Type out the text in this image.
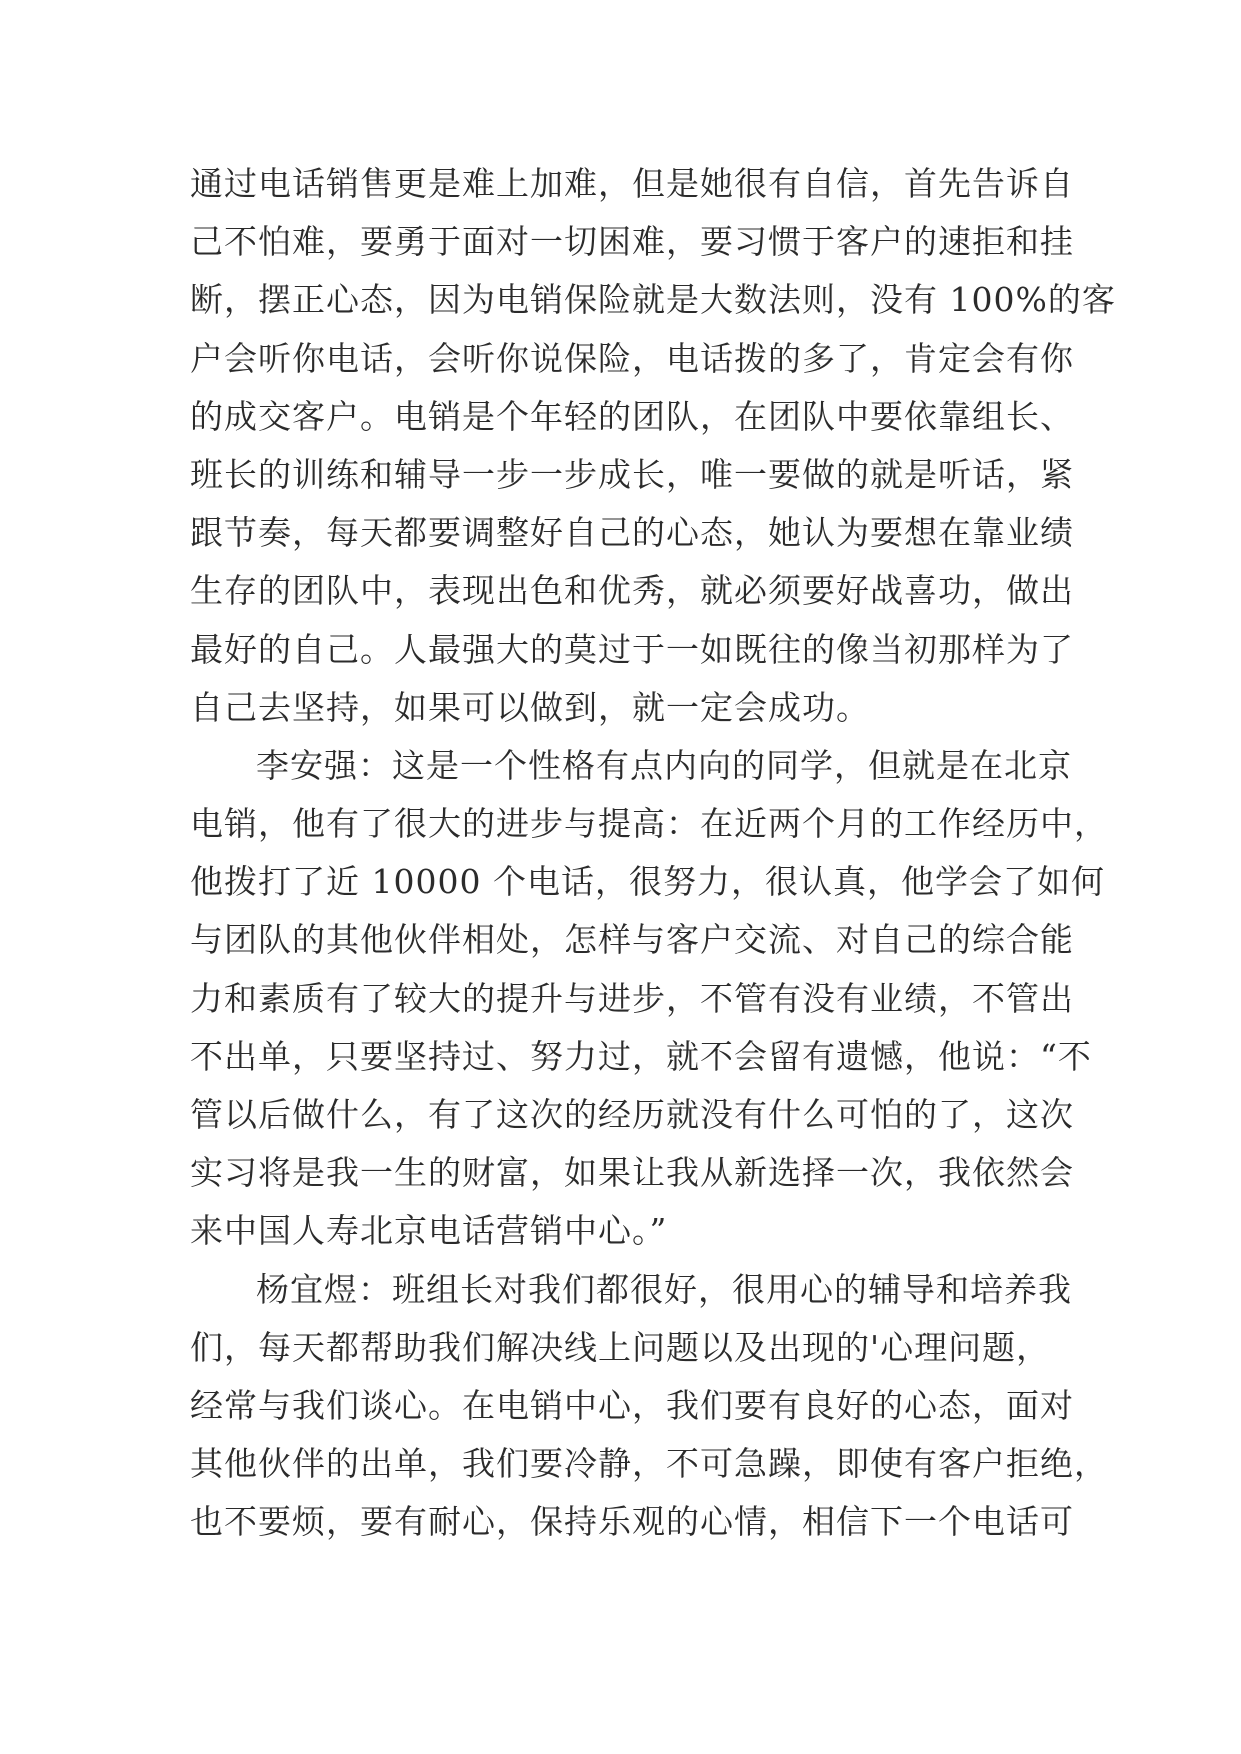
通过电话销售更是难上加难，但是她很有自信，首先告诉自
己不怕难，要勇于面对一切困难，要习惯于客户的速拒和挂
断，摆正心态，因为电销保险就是大数法则，没有 100%的客
户会听你电话，会听你说保险，电话拨的多了，肯定会有你
的成交客户。电销是个年轻的团队，在团队中要依靠组长、
班长的训练和辅导一步一步成长，唯一要做的就是听话，紧
跟节奏，每天都要调整好自己的心态，她认为要想在靠业绩
生存的团队中，表现出色和优秀，就必须要好战喜功，做出
最好的自己。人最强大的莫过于一如既往的像当初那样为了
自己去坚持，如果可以做到，就一定会成功。
李安强：这是一个性格有点内向的同学，但就是在北京
电销，他有了很大的进步与提高：在近两个月的工作经历中，
他拨打了近 10000 个电话，很努力，很认真，他学会了如何
与团队的其他伙伴相处，怎样与客户交流、对自己的综合能
力和素质有了较大的提升与进步，不管有没有业绩，不管出
不出单，只要坚持过、努力过，就不会留有遗憾，他说：“不
管以后做什么，有了这次的经历就没有什么可怕的了，这次
实习将是我一生的财富，如果让我从新选择一次，我依然会
来中国人寿北京电话营销中心。”
杨宜煜：班组长对我们都很好，很用心的辅导和培养我
们，每天都帮助我们解决线上问题以及出现的'心理问题，
经常与我们谈心。在电销中心，我们要有良好的心态，面对
其他伙伴的出单，我们要冷静，不可急躁，即使有客户拒绝，
也不要烦，要有耐心，保持乐观的心情，相信下一个电话可
